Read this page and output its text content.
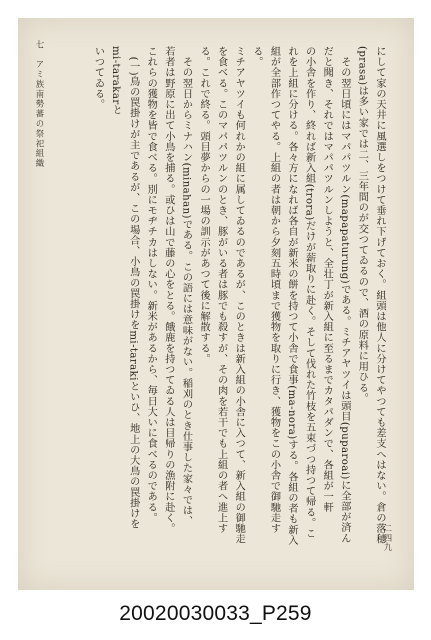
七　アミ族南勢蕃の祭祀組織	にして家の天井に風選しをつけて垂れ下げておく。組頭は他人に分けてやつても差支へはない。倉の落穂

(prasa)は多い家では二、三年間のが交つてゐるので、酒の原料に用ひる。

　その翌日頃にはマパパツルン(mapapaturung)である。ミチアヤツイは頭目(puparoai)に全部が済ん

だと聞き、それではマパパツルンしようと、全壮丁が新入組に至るまでカタパダンで、各組が一軒

の小舎を作り、終れば新入組(trora)だけが薪取りに赴く。そして伐れた竹枝を五束づつ持つて帰る。こ

れを上組に分ける。各々方になれば各自が新米の餅を持つて小舎で食事(ma-nora)する。各組の者も新入

組が全部作つてやる。上組の者は朝から夕刻五時頃まで獲物を取りに行き、獲物をこの小舎で御馳走する。

ミチアヤツイも何れかの組に属してゐるのであるが、このときは新入組の小舎に入つて、新入組の御馳走

を食べる。このマパパツルンのとき、豚がいる者は豚でも殺すが、その肉を若干でも上組の者へ進上す

る。これで終る。頭目夢からの一場の訓示があつて後に解散する。

　その翌日からミナハン(minahan)である。この語には意味がない。稲刈のとき仕事した家々では、

若者は野原に出て小鳥を捕る。或ひは山で藤の心をとる。餓鹿を持つてゐる人は目帰りの漁附に赴く。

これらの獲物を皆で食べる。別にモヂチカはしない。新米があるから、毎日大いに食べるのである。

　(一)鳥の罠掛けが主であるが、この場合、小鳥の罠掛けをmi-tarakiといひ、地上の大鳥の罠掛けをmi-tarakarと

いつてゐる。

二四九
20020030033_P259
